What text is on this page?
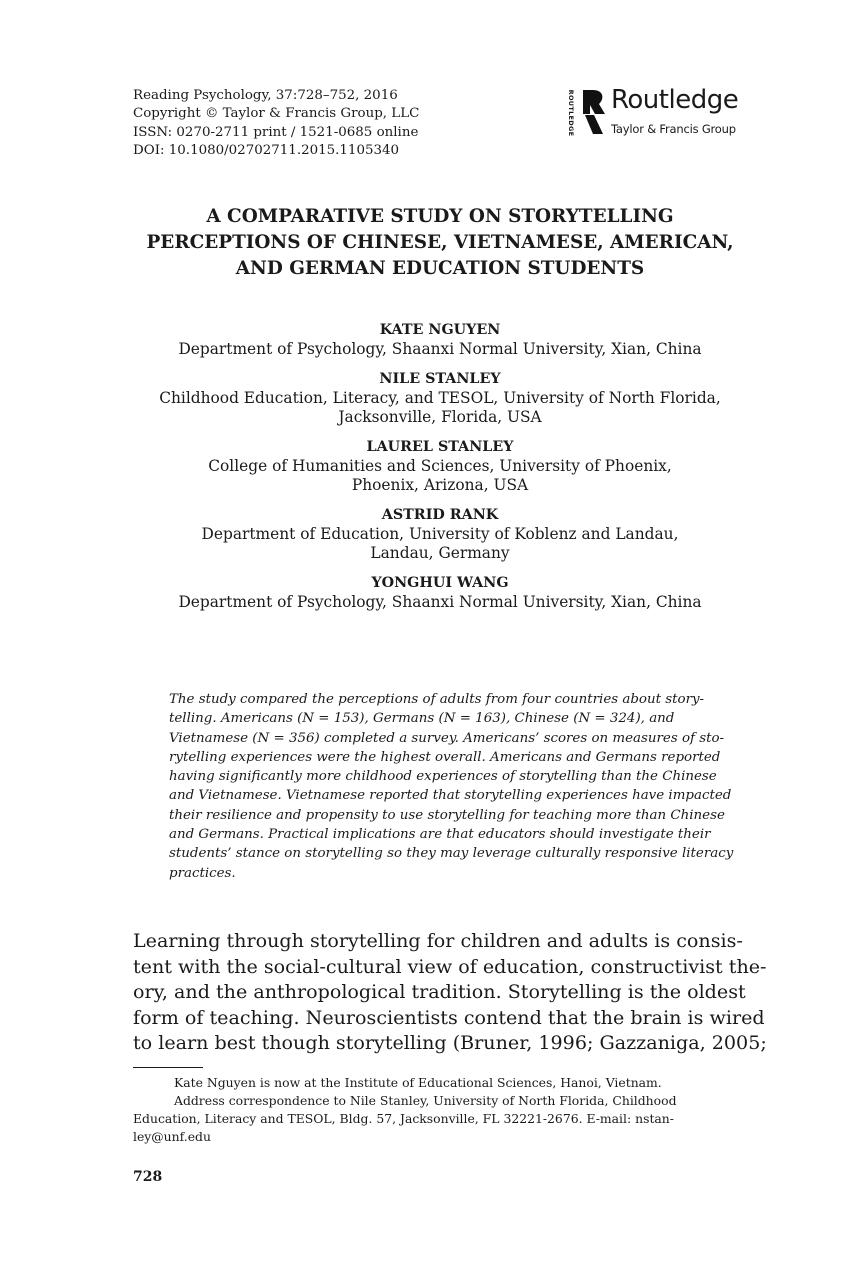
Reading Psychology, 37:728–752, 2016
Copyright © Taylor & Francis Group, LLC
ISSN: 0270-2711 print / 1521-0685 online
DOI: 10.1080/02702711.2015.1105340
ROUTLEDGE Routledge
Taylor & Francis Group
A COMPARATIVE STUDY ON STORYTELLING
PERCEPTIONS OF CHINESE, VIETNAMESE, AMERICAN,
AND GERMAN EDUCATION STUDENTS
KATE NGUYEN
Department of Psychology, Shaanxi Normal University, Xian, China
NILE STANLEY
Childhood Education, Literacy, and TESOL, University of North Florida,
Jacksonville, Florida, USA
LAUREL STANLEY
College of Humanities and Sciences, University of Phoenix,
Phoenix, Arizona, USA
ASTRID RANK
Department of Education, University of Koblenz and Landau,
Landau, Germany
YONGHUI WANG
Department of Psychology, Shaanxi Normal University, Xian, China
The study compared the perceptions of adults from four countries about story-
telling. Americans (N = 153), Germans (N = 163), Chinese (N = 324), and
Vietnamese (N = 356) completed a survey. Americans’ scores on measures of sto-
rytelling experiences were the highest overall. Americans and Germans reported
having significantly more childhood experiences of storytelling than the Chinese
and Vietnamese. Vietnamese reported that storytelling experiences have impacted
their resilience and propensity to use storytelling for teaching more than Chinese
and Germans. Practical implications are that educators should investigate their
students’ stance on storytelling so they may leverage culturally responsive literacy
practices.
Learning through storytelling for children and adults is consis-
tent with the social-cultural view of education, constructivist the-
ory, and the anthropological tradition. Storytelling is the oldest
form of teaching. Neuroscientists contend that the brain is wired
to learn best though storytelling (Bruner, 1996; Gazzaniga, 2005;
Kate Nguyen is now at the Institute of Educational Sciences, Hanoi, Vietnam.
Address correspondence to Nile Stanley, University of North Florida, Childhood
Education, Literacy and TESOL, Bldg. 57, Jacksonville, FL 32221-2676. E-mail: nstan-
ley@unf.edu
728
